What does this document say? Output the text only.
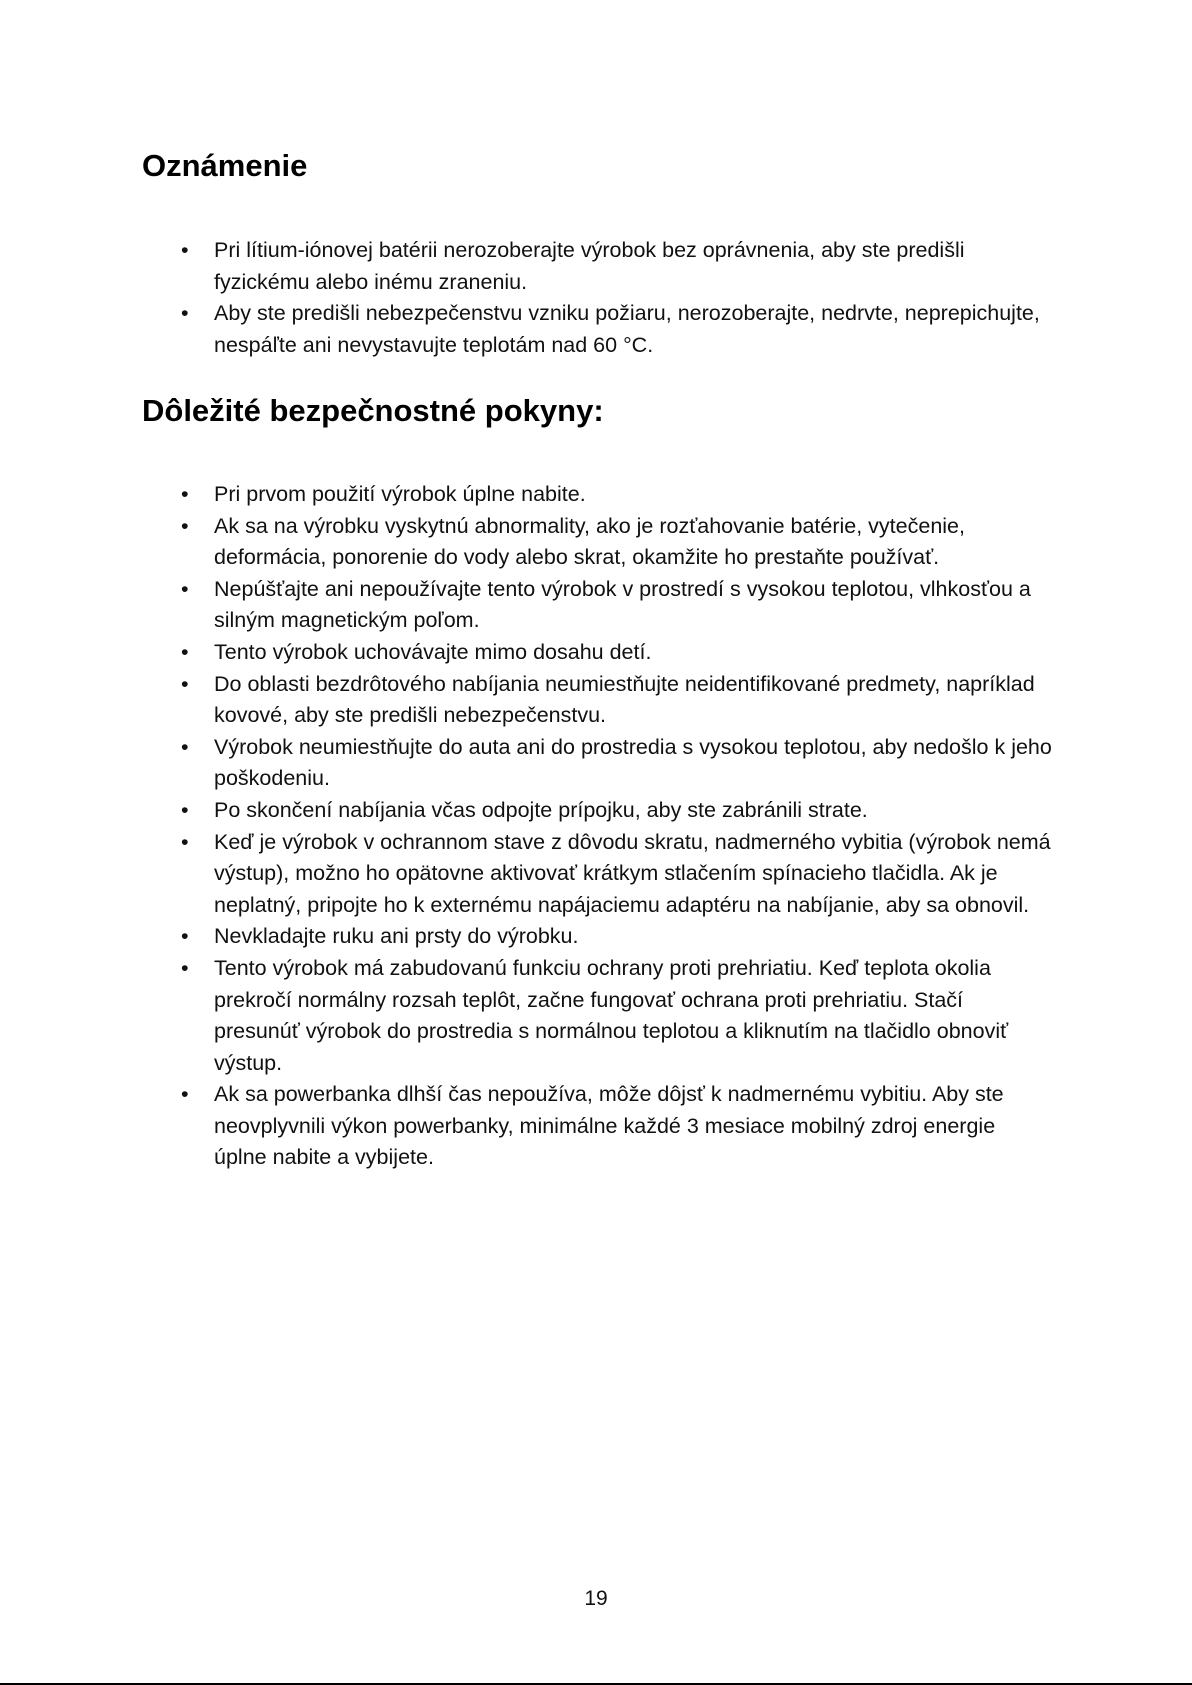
Oznámenie
• Pri lítium-iónovej batérii nerozoberajte výrobok bez oprávnenia, aby ste predišli fyzickému alebo inému zraneniu.
• Aby ste predišli nebezpečenstvu vzniku požiaru, nerozoberajte, nedrvte, neprepichujte, nespáľte ani nevystavujte teplotám nad 60 °C.
Dôležité bezpečnostné pokyny:
• Pri prvom použití výrobok úplne nabite.
• Ak sa na výrobku vyskytnú abnormality, ako je rozťahovanie batérie, vytečenie, deformácia, ponorenie do vody alebo skrat, okamžite ho prestaňte používať.
• Nepúšťajte ani nepoužívajte tento výrobok v prostredí s vysokou teplotou, vlhkosťou a silným magnetickým poľom.
• Tento výrobok uchovávajte mimo dosahu detí.
• Do oblasti bezdrôtového nabíjania neumiestňujte neidentifikované predmety, napríklad kovové, aby ste predišli nebezpečenstvu.
• Výrobok neumiestňujte do auta ani do prostredia s vysokou teplotou, aby nedošlo k jeho poškodeniu.
• Po skončení nabíjania včas odpojte prípojku, aby ste zabránili strate.
• Keď je výrobok v ochrannom stave z dôvodu skratu, nadmerného vybitia (výrobok nemá výstup), možno ho opätovne aktivovať krátkym stlačením spínacieho tlačidla. Ak je neplatný, pripojte ho k externému napájaciemu adaptéru na nabíjanie, aby sa obnovil.
• Nevkladajte ruku ani prsty do výrobku.
• Tento výrobok má zabudovanú funkciu ochrany proti prehriatiu. Keď teplota okolia prekročí normálny rozsah teplôt, začne fungovať ochrana proti prehriatiu. Stačí presunúť výrobok do prostredia s normálnou teplotou a kliknutím na tlačidlo obnoviť výstup.
• Ak sa powerbanka dlhší čas nepoužíva, môže dôjsť k nadmernému vybitiu. Aby ste neovplyvnili výkon powerbanky, minimálne každé 3 mesiace mobilný zdroj energie úplne nabite a vybijete.
19
